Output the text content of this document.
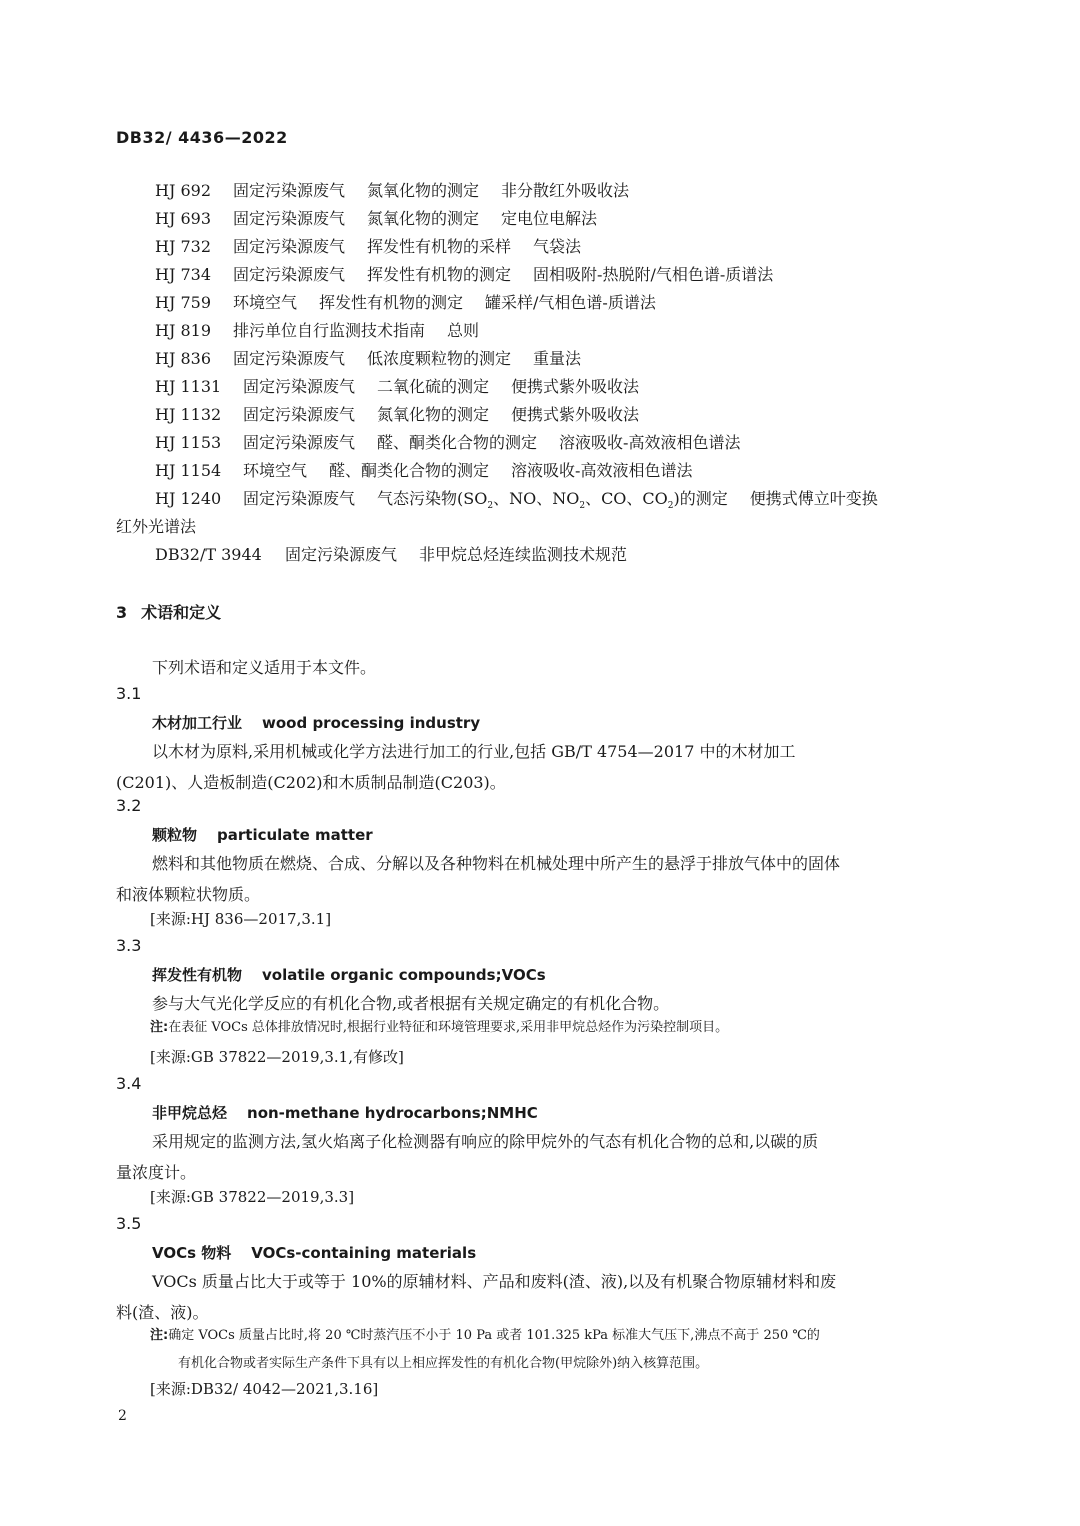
DB32/ 4436—2022
HJ 692 固定污染源废气 氮氧化物的测定 非分散红外吸收法
HJ 693 固定污染源废气 氮氧化物的测定 定电位电解法
HJ 732 固定污染源废气 挥发性有机物的采样 气袋法
HJ 734 固定污染源废气 挥发性有机物的测定 固相吸附-热脱附/气相色谱-质谱法
HJ 759 环境空气 挥发性有机物的测定 罐采样/气相色谱-质谱法
HJ 819 排污单位自行监测技术指南 总则
HJ 836 固定污染源废气 低浓度颗粒物的测定 重量法
HJ 1131 固定污染源废气 二氧化硫的测定 便携式紫外吸收法
HJ 1132 固定污染源废气 氮氧化物的测定 便携式紫外吸收法
HJ 1153 固定污染源废气 醛、酮类化合物的测定 溶液吸收-高效液相色谱法
HJ 1154 环境空气 醛、酮类化合物的测定 溶液吸收-高效液相色谱法
HJ 1240 固定污染源废气 气态污染物($SO_2$、NO、$NO_2$、CO、$CO_2$)的测定 便携式傅立叶变换
红外光谱法
DB32/T 3944 固定污染源废气 非甲烷总烃连续监测技术规范
3 术语和定义
下列术语和定义适用于本文件。
3.1
木材加工行业 wood processing industry
以木材为原料,采用机械或化学方法进行加工的行业,包括 GB/T 4754—2017 中的木材加工
(C201)、人造板制造(C202)和木质制品制造(C203)。
3.2
颗粒物 particulate matter
燃料和其他物质在燃烧、合成、分解以及各种物料在机械处理中所产生的悬浮于排放气体中的固体
和液体颗粒状物质。
[来源:HJ 836—2017,3.1]
3.3
挥发性有机物 volatile organic compounds;VOCs
参与大气光化学反应的有机化合物,或者根据有关规定确定的有机化合物。
注:在表征 VOCs 总体排放情况时,根据行业特征和环境管理要求,采用非甲烷总烃作为污染控制项目。
[来源:GB 37822—2019,3.1,有修改]
3.4
非甲烷总烃 non-methane hydrocarbons;NMHC
采用规定的监测方法,氢火焰离子化检测器有响应的除甲烷外的气态有机化合物的总和,以碳的质
量浓度计。
[来源:GB 37822—2019,3.3]
3.5
VOCs 物料 VOCs-containing materials
VOCs 质量占比大于或等于 10%的原辅材料、产品和废料(渣、液),以及有机聚合物原辅材料和废
料(渣、液)。
注:确定 VOCs 质量占比时,将 20 ℃时蒸汽压不小于 10 Pa 或者 101.325 kPa 标准大气压下,沸点不高于 250 ℃的
有机化合物或者实际生产条件下具有以上相应挥发性的有机化合物(甲烷除外)纳入核算范围。
[来源:DB32/ 4042—2021,3.16]
2
